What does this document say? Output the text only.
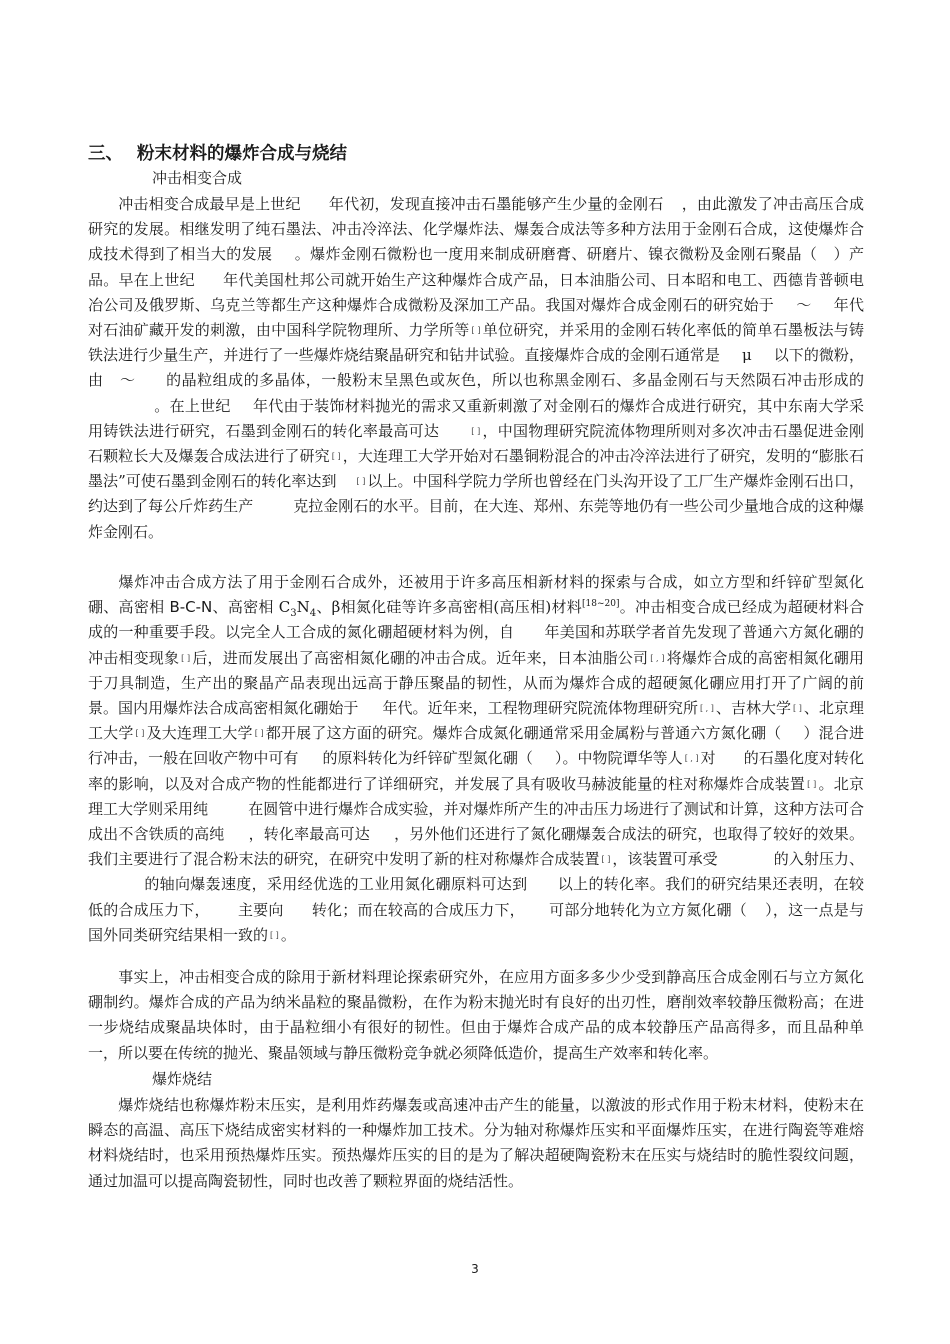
三、 粉末材料的爆炸合成与烧结
冲击相变合成
冲击相变合成最早是上世纪 年代初，发现直接冲击石墨能够产生少量的金刚石 ，由此激发了冲击高压合成研究的发展。相继发明了纯石墨法、冲击冷淬法、化学爆炸法、爆轰合成法等多种方法用于金刚石合成，这使爆炸合成技术得到了相当大的发展 。爆炸金刚石微粉也一度用来制成研磨膏、研磨片、镍衣微粉及金刚石聚晶（ ）产品。早在上世纪 年代美国杜邦公司就开始生产这种爆炸合成产品，日本油脂公司、日本昭和电工、西德肯普顿电冶公司及俄罗斯、乌克兰等都生产这种爆炸合成微粉及深加工产品。我国对爆炸合成金刚石的研究始于 ～ 年代对石油矿藏开发的刺激，由中国科学院物理所、力学所等 [ ] 单位研究，并采用的金刚石转化率低的简单石墨板法与铸铁法进行少量生产，并进行了一些爆炸烧结聚晶研究和钻井试验。直接爆炸合成的金刚石通常是 μ 以下的微粉，由 ～ 的晶粒组成的多晶体，一般粉末呈黑色或灰色，所以也称黑金刚石、多晶金刚石与天然陨石冲击形成的。在上世纪 年代由于装饰材料抛光的需求又重新刺激了对金刚石的爆炸合成进行研究，其中东南大学采用铸铁法进行研究，石墨到金刚石的转化率最高可达	[ ] ，中国物理研究院流体物理所则对多次冲击石墨促进金刚石颗粒长大及爆轰合成法进行了研究 [ ] ，大连理工大学开始对石墨铜粉混合的冲击冷淬法进行了研究，发明的“膨胀石墨法”可使石墨到金刚石的转化率达到	[ ] 以上。中国科学院力学所也曾经在门头沟开设了工厂生产爆炸金刚石出口，约达到了每公斤炸药生产	克拉金刚石的水平。目前，在大连、郑州、东莞等地仍有一些公司少量地合成的这种爆炸金刚石。
爆炸冲击合成方法了用于金刚石合成外，还被用于许多高压相新材料的探索与合成，如立方型和纤锌矿型氮化硼、高密相 B-C-N、高密相 $C_3N_4$、β相氮化硅等许多高密相(高压相)材料[18~20]。冲击相变合成已经成为超硬材料合成的一种重要手段。以完全人工合成的氮化硼超硬材料为例，自 年美国和苏联学者首先发现了普通六方氮化硼的冲击相变现象 [ ] 后，进而发展出了高密相氮化硼的冲击合成。近年来，日本油脂公司 [ , ] 将爆炸合成的高密相氮化硼用于刀具制造，生产出的聚晶产品表现出远高于静压聚晶的韧性，从而为爆炸合成的超硬氮化硼应用打开了广阔的前景。国内用爆炸法合成高密相氮化硼始于 年代。近年来，工程物理研究院流体物理研究所 [ , ] 、吉林大学 [ ] 、北京理工大学 [ ] 及大连理工大学 [ ] 都开展了这方面的研究。爆炸合成氮化硼通常采用金属粉与普通六方氮化硼（ ）混合进行冲击，一般在回收产物中可有 的原料转化为纤锌矿型氮化硼（ ）。中物院谭华等人 [ , ] 对 的石墨化度对转化率的影响，以及对合成产物的性能都进行了详细研究，并发展了具有吸收马赫波能量的柱对称爆炸合成装置 [ ] 。北京理工大学则采用纯	在圆管中进行爆炸合成实验，并对爆炸所产生的冲击压力场进行了测试和计算，这种方法可合成出不含铁质的高纯 ，转化率最高可达 ，另外他们还进行了氮化硼爆轰合成法的研究，也取得了较好的效果。我们主要进行了混合粉末法的研究，在研究中发明了新的柱对称爆炸合成装置 [ ] ，该装置可承受	的入射压力、的轴向爆轰速度，采用经优选的工业用氮化硼原料可达到 以上的转化率。我们的研究结果还表明，在较低的合成压力下， 主要向 转化；而在较高的合成压力下， 可部分地转化为立方氮化硼（ ），这一点是与国外同类研究结果相一致的 [ ] 。
事实上，冲击相变合成的除用于新材料理论探索研究外，在应用方面多多少少受到静高压合成金刚石与立方氮化硼制约。爆炸合成的产品为纳米晶粒的聚晶微粉，在作为粉末抛光时有良好的出刃性，磨削效率较静压微粉高；在进一步烧结成聚晶块体时，由于晶粒细小有很好的韧性。但由于爆炸合成产品的成本较静压产品高得多，而且品种单一，所以要在传统的抛光、聚晶领域与静压微粉竞争就必须降低造价，提高生产效率和转化率。
爆炸烧结
爆炸烧结也称爆炸粉末压实，是利用炸药爆轰或高速冲击产生的能量，以激波的形式作用于粉末材料，使粉末在瞬态的高温、高压下烧结成密实材料的一种爆炸加工技术。分为轴对称爆炸压实和平面爆炸压实，在进行陶瓷等难熔材料烧结时，也采用预热爆炸压实。预热爆炸压实的目的是为了解决超硬陶瓷粉末在压实与烧结时的脆性裂纹问题，通过加温可以提高陶瓷韧性，同时也改善了颗粒界面的烧结活性。
3
